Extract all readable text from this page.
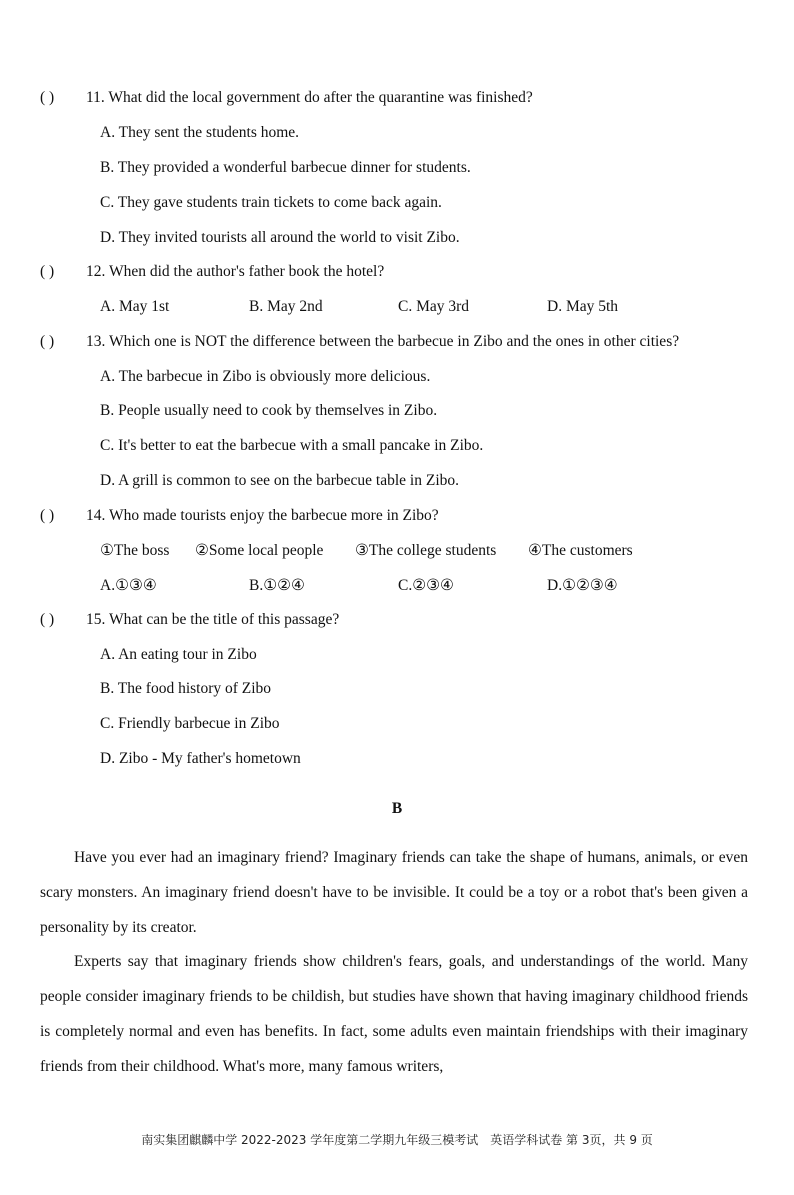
( ) 11. What did the local government do after the quarantine was finished?
A. They sent the students home.
B. They provided a wonderful barbecue dinner for students.
C. They gave students train tickets to come back again.
D. They invited tourists all around the world to visit Zibo.
( ) 12. When did the author's father book the hotel?
A. May 1st	B. May 2nd	C. May 3rd	D. May 5th
( ) 13. Which one is NOT the difference between the barbecue in Zibo and the ones in other cities?
A. The barbecue in Zibo is obviously more delicious.
B. People usually need to cook by themselves in Zibo.
C. It's better to eat the barbecue with a small pancake in Zibo.
D. A grill is common to see on the barbecue table in Zibo.
( ) 14. Who made tourists enjoy the barbecue more in Zibo?
①The boss ②Some local people ③The college students ④The customers
A.①③④	B.①②④	C.②③④	D.①②③④
( ) 15. What can be the title of this passage?
A. An eating tour in Zibo
B. The food history of Zibo
C. Friendly barbecue in Zibo
D. Zibo - My father's hometown
B

Have you ever had an imaginary friend? Imaginary friends can take the shape of humans, animals, or even scary monsters. An imaginary friend doesn't have to be invisible. It could be a toy or a robot that's been given a personality by its creator.

Experts say that imaginary friends show children's fears, goals, and understandings of the world. Many people consider imaginary friends to be childish, but studies have shown that having imaginary childhood friends is completely normal and even has benefits. In fact, some adults even maintain friendships with their imaginary friends from their childhood. What's more, many famous writers,

南实集团麒麟中学 2022-2023 学年度第二学期九年级三模考试　英语学科试卷 第 3页，共 9 页
